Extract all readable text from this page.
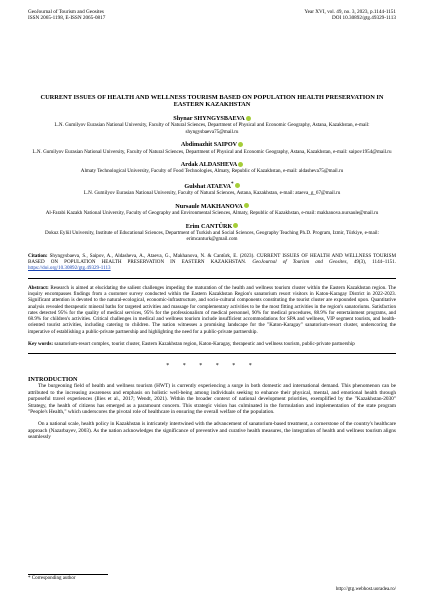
GeoJournal of Tourism and Geosites
ISSN 2065-1198, E-ISSN 2065-0817
Year XVI, vol. 49, no. 3, 2023, p.1144-1151
DOI 10.30892/gtg.49329-1113
CURRENT ISSUES OF HEALTH AND WELLNESS TOURISM BASED ON POPULATION HEALTH PRESERVATION IN EASTERN KAZAKHSTAN
Shynar SHYNGYSBAEVA
L.N. Gumilyov Eurasian National University, Faculty of Natural Sciences, Department of Physical and Economic Geography, Astana, Kazakhstan, e-mail: shyngysbaeva75@mail.ru
Abdimazhit SAIPOV
L.N. Gumilyov Eurasian National University, Faculty of Natural Sciences, Department of Physical and Economic Geography, Astana, Kazakhstan, e-mail: saipov1954@mail.ru
Ardak ALDASHEVA
Almaty Technological University, Faculty of Food Technologies, Almaty, Republic of Kazakhstan, e-mail: aldasheva75@mail.ru
Gulshat ATAEVA*
L.N. Gumilyov Eurasian National University, Faculty of Natural Sciences, Astana, Kazakhstan, e-mail: ataeva_g_67@mail.ru
Nursaule MAKHANOVA
Al-Farabi Kazakh National University, Faculty of Geography and Environmental Sciences, Almaty, Republic of Kazakhstan, e-mail: makhanova.nursaule@mail.ru
Erim CANTÜRK
Dokuz Eylül University, Institute of Educational Sciences, Department of Turkish and Social Sciences, Geography Teaching Ph.D. Program, Izmir, Türkiye, e-mail: erimcanturk@gmail.com
Citation: Shyngysbaeva, S., Saipov, A., Aldasheva, A., Ataeva, G., Makhanova, N. & Cantürk, E. (2023). CURRENT ISSUES OF HEALTH AND WELLNESS TOURISM BASED ON POPULATION HEALTH PRESERVATION IN EASTERN KAZAKHSTAN. GeoJournal of Tourism and Geosites, 49(3), 1144–1151. https://doi.org/10.30892/gtg.49329-1113
Abstract: Research is aimed at elucidating the salient challenges impeding the maturation of the health and wellness tourism cluster within the Eastern Kazakhstan region. The inquiry encompasses findings from a customer survey conducted within the Eastern Kazakhstan Region's sanatorium resort visitors in Katon-Karagay District in 2022-2023. Significant attention is devoted to the natural-ecological, economic-infrastructure, and socio-cultural components constituting the tourist cluster are expounded upon. Quantitative analysis revealed therapeutic mineral baths for targeted activities and massage for complementary activities to be the most fitting activities in the region's sanatoriums. Satisfaction rates detected 95% for the quality of medical services, 95% for the professionalism of medical personnel, 90% for medical procedures, 88.9% for entertainment programs, and 68.9% for children's activities. Critical challenges in medical and wellness tourism include insufficient accommodations for SPA and wellness, VIP segment tourists, and health-oriented tourist activities, including catering to children. The nation witnesses a promising landscape for the "Katon-Karagay" sanatorium-resort cluster, underscoring the imperative of establishing a public-private partnership and highlighting the need for a public-private partnership.
Key words: sanatorium-resort complex, tourist cluster, Eastern Kazakhstan region, Katon-Karagay, therapeutic and wellness tourism, public-private partnership
* * * * * *
INTRODUCTION

The burgeoning field of health and wellness tourism (HWT) is currently experiencing a surge in both domestic and international demand. This phenomenon can be attributed to the increasing awareness and emphasis on holistic well-being among individuals seeking to enhance their physical, mental, and emotional health through purposeful travel experiences (Ilies et al., 2017; Wendt, 2021). Within the broader context of national development priorities, exemplified by the "Kazakhstan-2030" Strategy, the health of citizens has emerged as a paramount concern. This strategic vision has culminated in the formulation and implementation of the state program "People's Health," which underscores the pivotal role of healthcare in ensuring the overall welfare of the population.

On a national scale, health policy in Kazakhstan is intricately intertwined with the advancement of sanatorium-based treatment, a cornerstone of the country's healthcare approach (Nazarbayev, 2003). As the nation acknowledges the significance of preventive and curative health measures, the integration of health and wellness tourism aligns seamlessly

* Corresponding author
http://gtg.webhost.uoradea.ro/
